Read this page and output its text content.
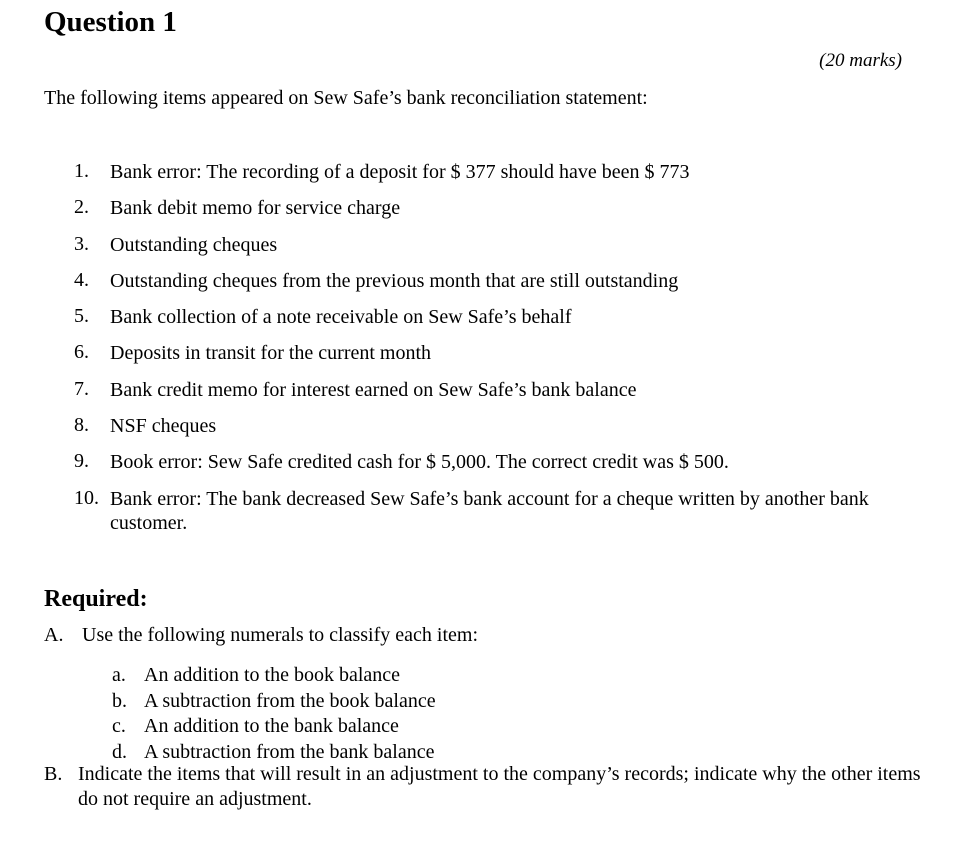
Question 1
(20 marks)
The following items appeared on Sew Safe’s bank reconciliation statement:
1.	Bank error: The recording of a deposit for $ 377 should have been $ 773
2.	Bank debit memo for service charge
3.	Outstanding cheques
4.	Outstanding cheques from the previous month that are still outstanding
5.	Bank collection of a note receivable on Sew Safe’s behalf
6.	Deposits in transit for the current month
7.	Bank credit memo for interest earned on Sew Safe’s bank balance
8.	NSF cheques
9.	Book error: Sew Safe credited cash for $ 5,000. The correct credit was $ 500.
10. Bank error: The bank decreased Sew Safe’s bank account for a cheque written by another bank customer.
Required:
A. Use the following numerals to classify each item:
a. An addition to the book balance
b. A subtraction from the book balance
c. An addition to the bank balance
d. A subtraction from the bank balance
B. Indicate the items that will result in an adjustment to the company’s records; indicate why the other items do not require an adjustment.
